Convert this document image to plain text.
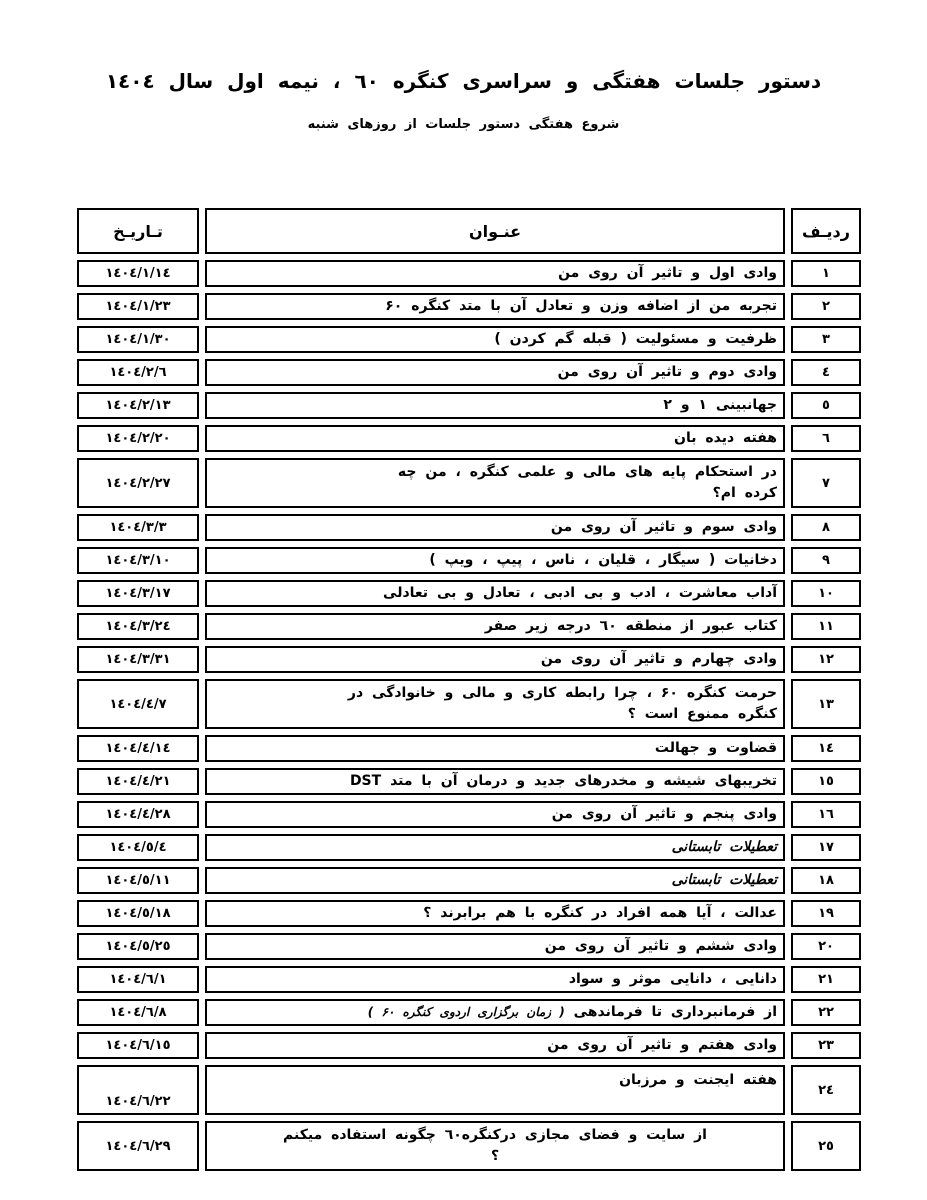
دستور جلسات هفتگی و سراسری کنگره ٦٠ ، نیمه اول سال ١٤٠٤
شروع هفتگی دستور جلسات از روزهای شنبه
ردیـف	عنـوان	تـاریـخ
١	وادی اول و تاثیر آن روی من	١٤٠٤/١/١٤
٢	تجربه من از اضافه وزن و تعادل آن با متد کنگره ۶۰	١٤٠٤/١/٢٣
٣	ظرفیت و مسئولیت ( قبله گم کردن )	١٤٠٤/١/٣٠
٤	وادی دوم و تاثیر آن روی من	١٤٠٤/٢/٦
٥	جهانبینی ١ و ٢	١٤٠٤/٢/١٣
٦	هفته دیده بان	١٤٠٤/٢/٢٠
٧	در استحکام پایه های مالی و علمی کنگره ، من چه
کرده ام؟	١٤٠٤/٢/٢٧
٨	وادی سوم و تاثیر آن روی من	١٤٠٤/٣/٣
٩	دخانیات ( سیگار ، قلیان ، ناس ، پیپ ، ویپ )	١٤٠٤/٣/١٠
١٠	آداب معاشرت ، ادب و بی ادبی ، تعادل و بی تعادلی	١٤٠٤/٣/١٧
١١	کتاب عبور از منطقه ٦٠ درجه زیر صفر	١٤٠٤/٣/٢٤
١٢	وادی چهارم و تاثیر آن روی من	١٤٠٤/٣/٣١
١٣	حرمت کنگره ۶۰ ، چرا رابطه کاری و مالی و خانوادگی در
کنگره ممنوع است ؟	١٤٠٤/٤/٧
١٤	قضاوت و جهالت	١٤٠٤/٤/١٤
١٥	تخریبهای شیشه و مخدرهای جدید و درمان آن با متد DST	١٤٠٤/٤/٢١
١٦	وادی پنجم و تاثیر آن روی من	١٤٠٤/٤/٢٨
١٧	تعطیلات تابستانی	١٤٠٤/٥/٤
١٨	تعطیلات تابستانی	١٤٠٤/٥/١١
١٩	عدالت ، آیا همه افراد در کنگره با هم برابرند ؟	١٤٠٤/٥/١٨
٢٠	وادی ششم و تاثیر آن روی من	١٤٠٤/٥/٢٥
٢١	دانایی ، دانایی موثر و سواد	١٤٠٤/٦/١
٢٢	از فرمانبرداری تا فرماندهی ( زمان برگزاری اردوی کنگره ۶۰ )	١٤٠٤/٦/٨
٢٣	وادی هفتم و تاثیر آن روی من	١٤٠٤/٦/١٥
٢٤	هفته ایجنت و مرزبان	١٤٠٤/٦/٢٢
٢٥	از سایت و فضای مجازی درکنگره٦٠ چگونه استفاده میکنم
؟	١٤٠٤/٦/٢٩
